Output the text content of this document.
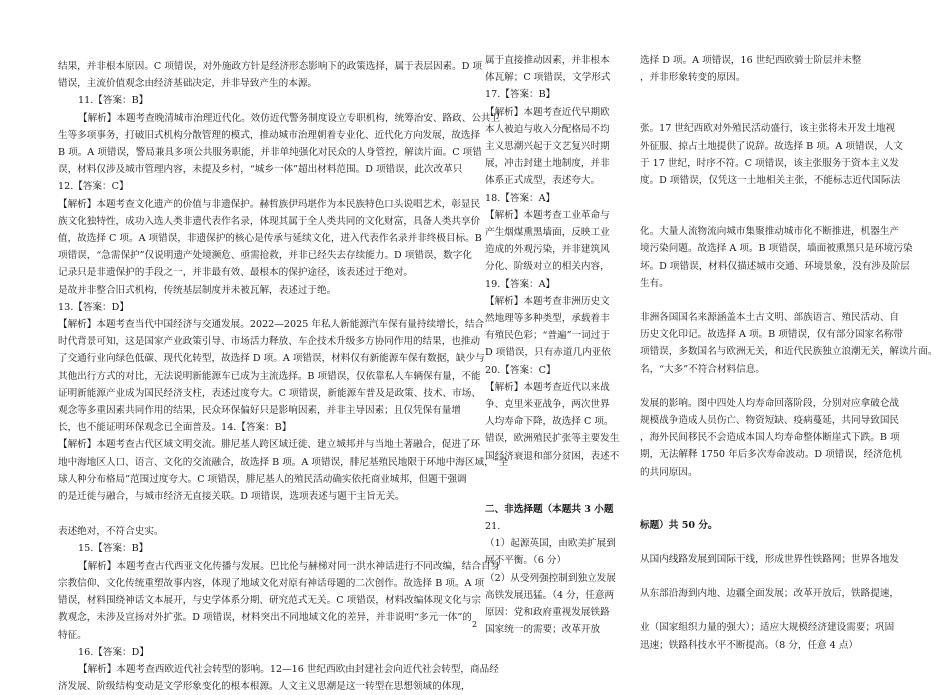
结果，并非根本原因。C 项错误，对外施政方针是经济形态影响下的政策选择，属于表层因素。D 项

错误，主流价值观念由经济基础决定，并非导致产生的本源。

11.【答案：B】

【解析】本题考查晚清城市治理近代化。效仿近代警务制度设立专职机构，统筹治安、路政、公共卫

生等多项事务，打破旧式机构分散管理的模式，推动城市治理朝着专业化、近代化方向发展，故选择

B 项。A 项错误，警局兼具多项公共服务职能，并非单纯强化对民众的人身管控，解读片面。C 项错

误，材料仅涉及城市管理内容，未提及乡村，“城乡一体”超出材料范围。D 项错误，此次改革只

12.【答案：C】

【解析】本题考查文化遗产的价值与非遗保护。赫哲族伊玛堪作为本民族特色口头说唱艺术，彰显民

族文化独特性，成功入选人类非遗代表作名录，体现其属于全人类共同的文化财富，具备人类共享价

值，故选择 C 项。A 项错误，非遗保护的核心是传承与延续文化，进入代表作名录并非终极目标。B

项错误，“急需保护”仅说明遗产处境濒危、亟需抢救，并非已经失去存续能力。D 项错误，数字化

记录只是非遗保护的手段之一，并非最有效、最根本的保护途径，该表述过于绝对。

是故并非整合旧式机构，传统基层制度并未被瓦解，表述过于绝。

13.【答案：D】

【解析】本题考查当代中国经济与交通发展。2022—2025 年私人新能源汽车保有量持续增长，结合

时代背景可知，这是国家产业政策引导、市场活力释放、车企技术升级多方协同作用的结果，也推动

了交通行业向绿色低碳、现代化转型，故选择 D 项。A 项错误，材料仅有新能源车保有数据，缺少与

其他出行方式的对比，无法说明新能源车已成为主流选择。B 项错误，仅依靠私人车辆保有量，不能

证明新能源产业成为国民经济支柱，表述过度夸大。C 项错误，新能源车普及是政策、技术、市场、

观念等多重因素共同作用的结果，民众环保偏好只是影响因素，并非主导因素；且仅凭保有量增

长，也不能证明环保观念已全面普及。14.【答案：B】

【解析】本题考查古代区域文明交流。腓尼基人跨区域迁徙、建立城邦并与当地土著融合，促进了环

地中海地区人口、语言、文化的交流融合，故选择 B 项。A 项错误，腓尼基殖民地限于环地中海区域，“全

球人种分布格局”范围过度夸大。C 项错误，腓尼基人的殖民活动确实依托商业城邦，但题干强调

的是迁徙与融合，与城市经济无直接关联。D 项错误，选项表述与题干主旨无关。

表述绝对，不符合史实。

15.【答案：B】

【解析】本题考查古代西亚文化传播与发展。巴比伦与赫梯对同一洪水神话进行不同改编，结合自身

宗教信仰、文化传统重塑故事内容，体现了地域文化对原有神话母题的二次创作。故选择 B 项。A 项

错误，材料围绕神话文本展开，与史学体系分期、研究范式无关。C 项错误，材料改编体现文化与宗

教观念，未涉及宣扬对外扩张。D 项错误，材料突出不同地域文化的差异，并非说明“多元一体”的

特征。

16.【答案：D】

【解析】本题考查西欧近代社会转型的影响。12—16 世纪西欧由封建社会向近代社会转型，商品经

济发展、阶级结构变动是文学形象变化的根本根源。人文主义思潮是这一转型在思想领域的体现，

属于直接推动因素，并非根本

体瓦解；C 项错误，文学形式

17.【答案：B】

【解析】本题考查近代早期欧

本人被迫与收入分配格局不均

主义思潮兴起于文艺复兴时期

展，冲击封建土地制度，并非

体系正式成型，表述夸大。

18.【答案：A】

【解析】本题考查工业革命与

产生烟煤熏黑墙面，反映工业

造成的外观污染，并非建筑风

分化、阶级对立的相关内容，

19.【答案：A】

【解析】本题考查非洲历史文

然地理等多种类型，承载着丰

有殖民色彩；“普遍”一词过于

D 项错误，只有赤道几内亚依

20.【答案：C】

【解析】本题考查近代以来战

争、克里米亚战争，两次世界

人均寿命下降，故选择 C 项。

错误，欧洲殖民扩张等主要发生

国经济衰退和部分贫困，表述不

二、非选择题（本题共 3 小题

21.

（1）起源英国，由欧美扩展到

展不平衡。（6 分）

（2）从受列强控制到独立发展

高铁发展迅猛。（4 分，任意两

原因：党和政府重视发展铁路

国家统一的需要；改革开放

选择 D 项。A 项错误，16 世纪西欧骑士阶层并未整

，并非形象转变的原因。

张。17 世纪西欧对外殖民活动盛行，该主张将未开发土地视

外征服、掠占土地提供了说辞。故选择 B 项。A 项错误，人文

于 17 世纪，时序不符。C 项错误，该主张服务于资本主义发

度。D 项错误，仅凭这一土地相关主张，不能标志近代国际法

化。大量人流物流向城市集聚推动城市化不断推进，机器生产

境污染问题。故选择 A 项。B 项错误，墙面被熏黑只是环境污染

坏。D 项错误，材料仅描述城市交通、环境景象，没有涉及阶层

生有。

非洲各国国名来源涵盖本土古文明、部族语言、殖民活动、自

历史文化印记。故选择 A 项。B 项错误，仅有部分国家名称带

项错误，多数国名与欧洲无关，和近代民族独立浪潮无关，解读片面。

名，“大多”不符合材料信息。

发展的影响。图中四处人均寿命回落阶段，分别对应拿破仑战

规模战争造成人员伤亡、物资短缺、疫病蔓延，共同导致国民

，海外民间移民不会造成本国人均寿命整体断崖式下跌。B 项

期，无法解释 1750 年后多次寿命波动。D 项错误，经济危机

的共同原因。

标题）共 50 分。

从国内线路发展到国际干线，形成世界性铁路网；世界各地发

从东部沿海到内地、边疆全面发展；改革开放后，铁路提速，

业（国家组织力量的强大）；适应大规模经济建设需要；巩固

迅速；铁路科技水平不断提高。（8 分，任意 4 点）

2
